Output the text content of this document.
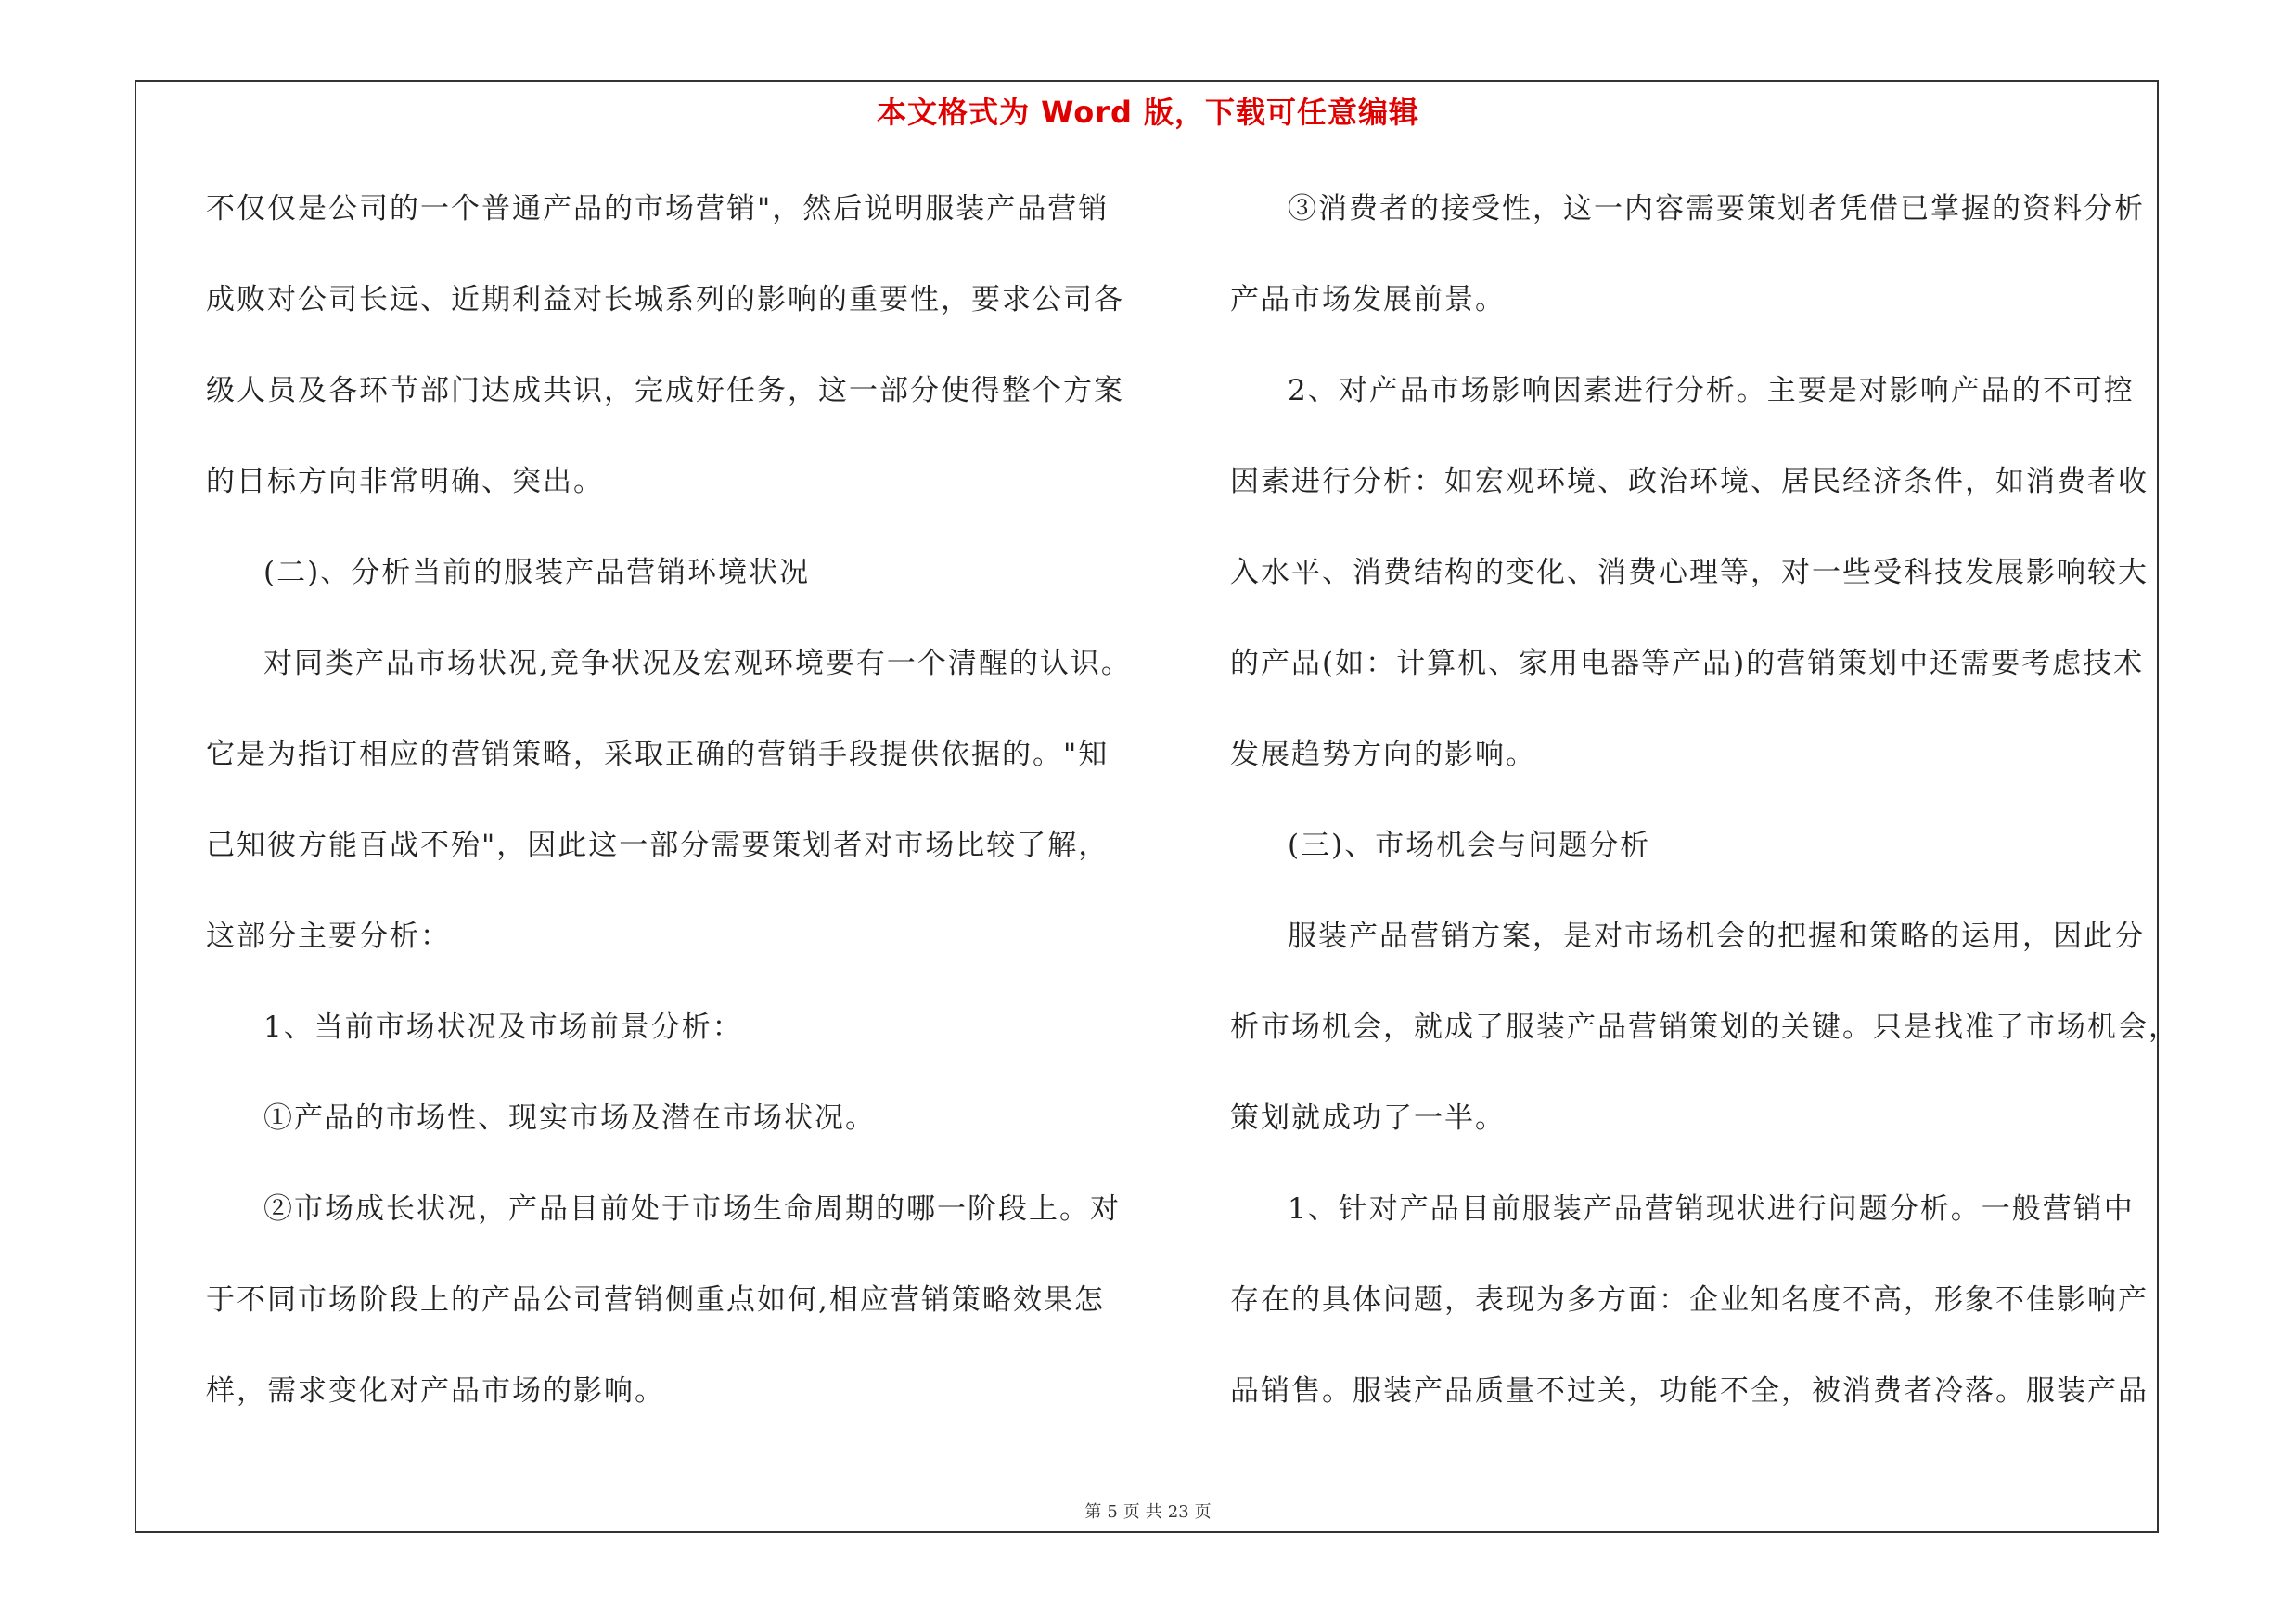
本文格式为 Word 版，下载可任意编辑
不仅仅是公司的一个普通产品的市场营销"，然后说明服装产品营销
成败对公司长远、近期利益对长城系列的影响的重要性，要求公司各
级人员及各环节部门达成共识，完成好任务，这一部分使得整个方案
的目标方向非常明确、突出。
(二)、分析当前的服装产品营销环境状况
对同类产品市场状况,竞争状况及宏观环境要有一个清醒的认识。
它是为指订相应的营销策略，采取正确的营销手段提供依据的。"知
己知彼方能百战不殆"，因此这一部分需要策划者对市场比较了解，
这部分主要分析：
1、当前市场状况及市场前景分析：
①产品的市场性、现实市场及潜在市场状况。
②市场成长状况，产品目前处于市场生命周期的哪一阶段上。对
于不同市场阶段上的产品公司营销侧重点如何,相应营销策略效果怎
样，需求变化对产品市场的影响。
③消费者的接受性，这一内容需要策划者凭借已掌握的资料分析
产品市场发展前景。
2、对产品市场影响因素进行分析。主要是对影响产品的不可控
因素进行分析：如宏观环境、政治环境、居民经济条件，如消费者收
入水平、消费结构的变化、消费心理等，对一些受科技发展影响较大
的产品(如：计算机、家用电器等产品)的营销策划中还需要考虑技术
发展趋势方向的影响。
(三)、市场机会与问题分析
服装产品营销方案，是对市场机会的把握和策略的运用，因此分
析市场机会，就成了服装产品营销策划的关键。只是找准了市场机会，
策划就成功了一半。
1、针对产品目前服装产品营销现状进行问题分析。一般营销中
存在的具体问题，表现为多方面：企业知名度不高，形象不佳影响产
品销售。服装产品质量不过关，功能不全，被消费者冷落。服装产品
第 5 页 共 23 页
